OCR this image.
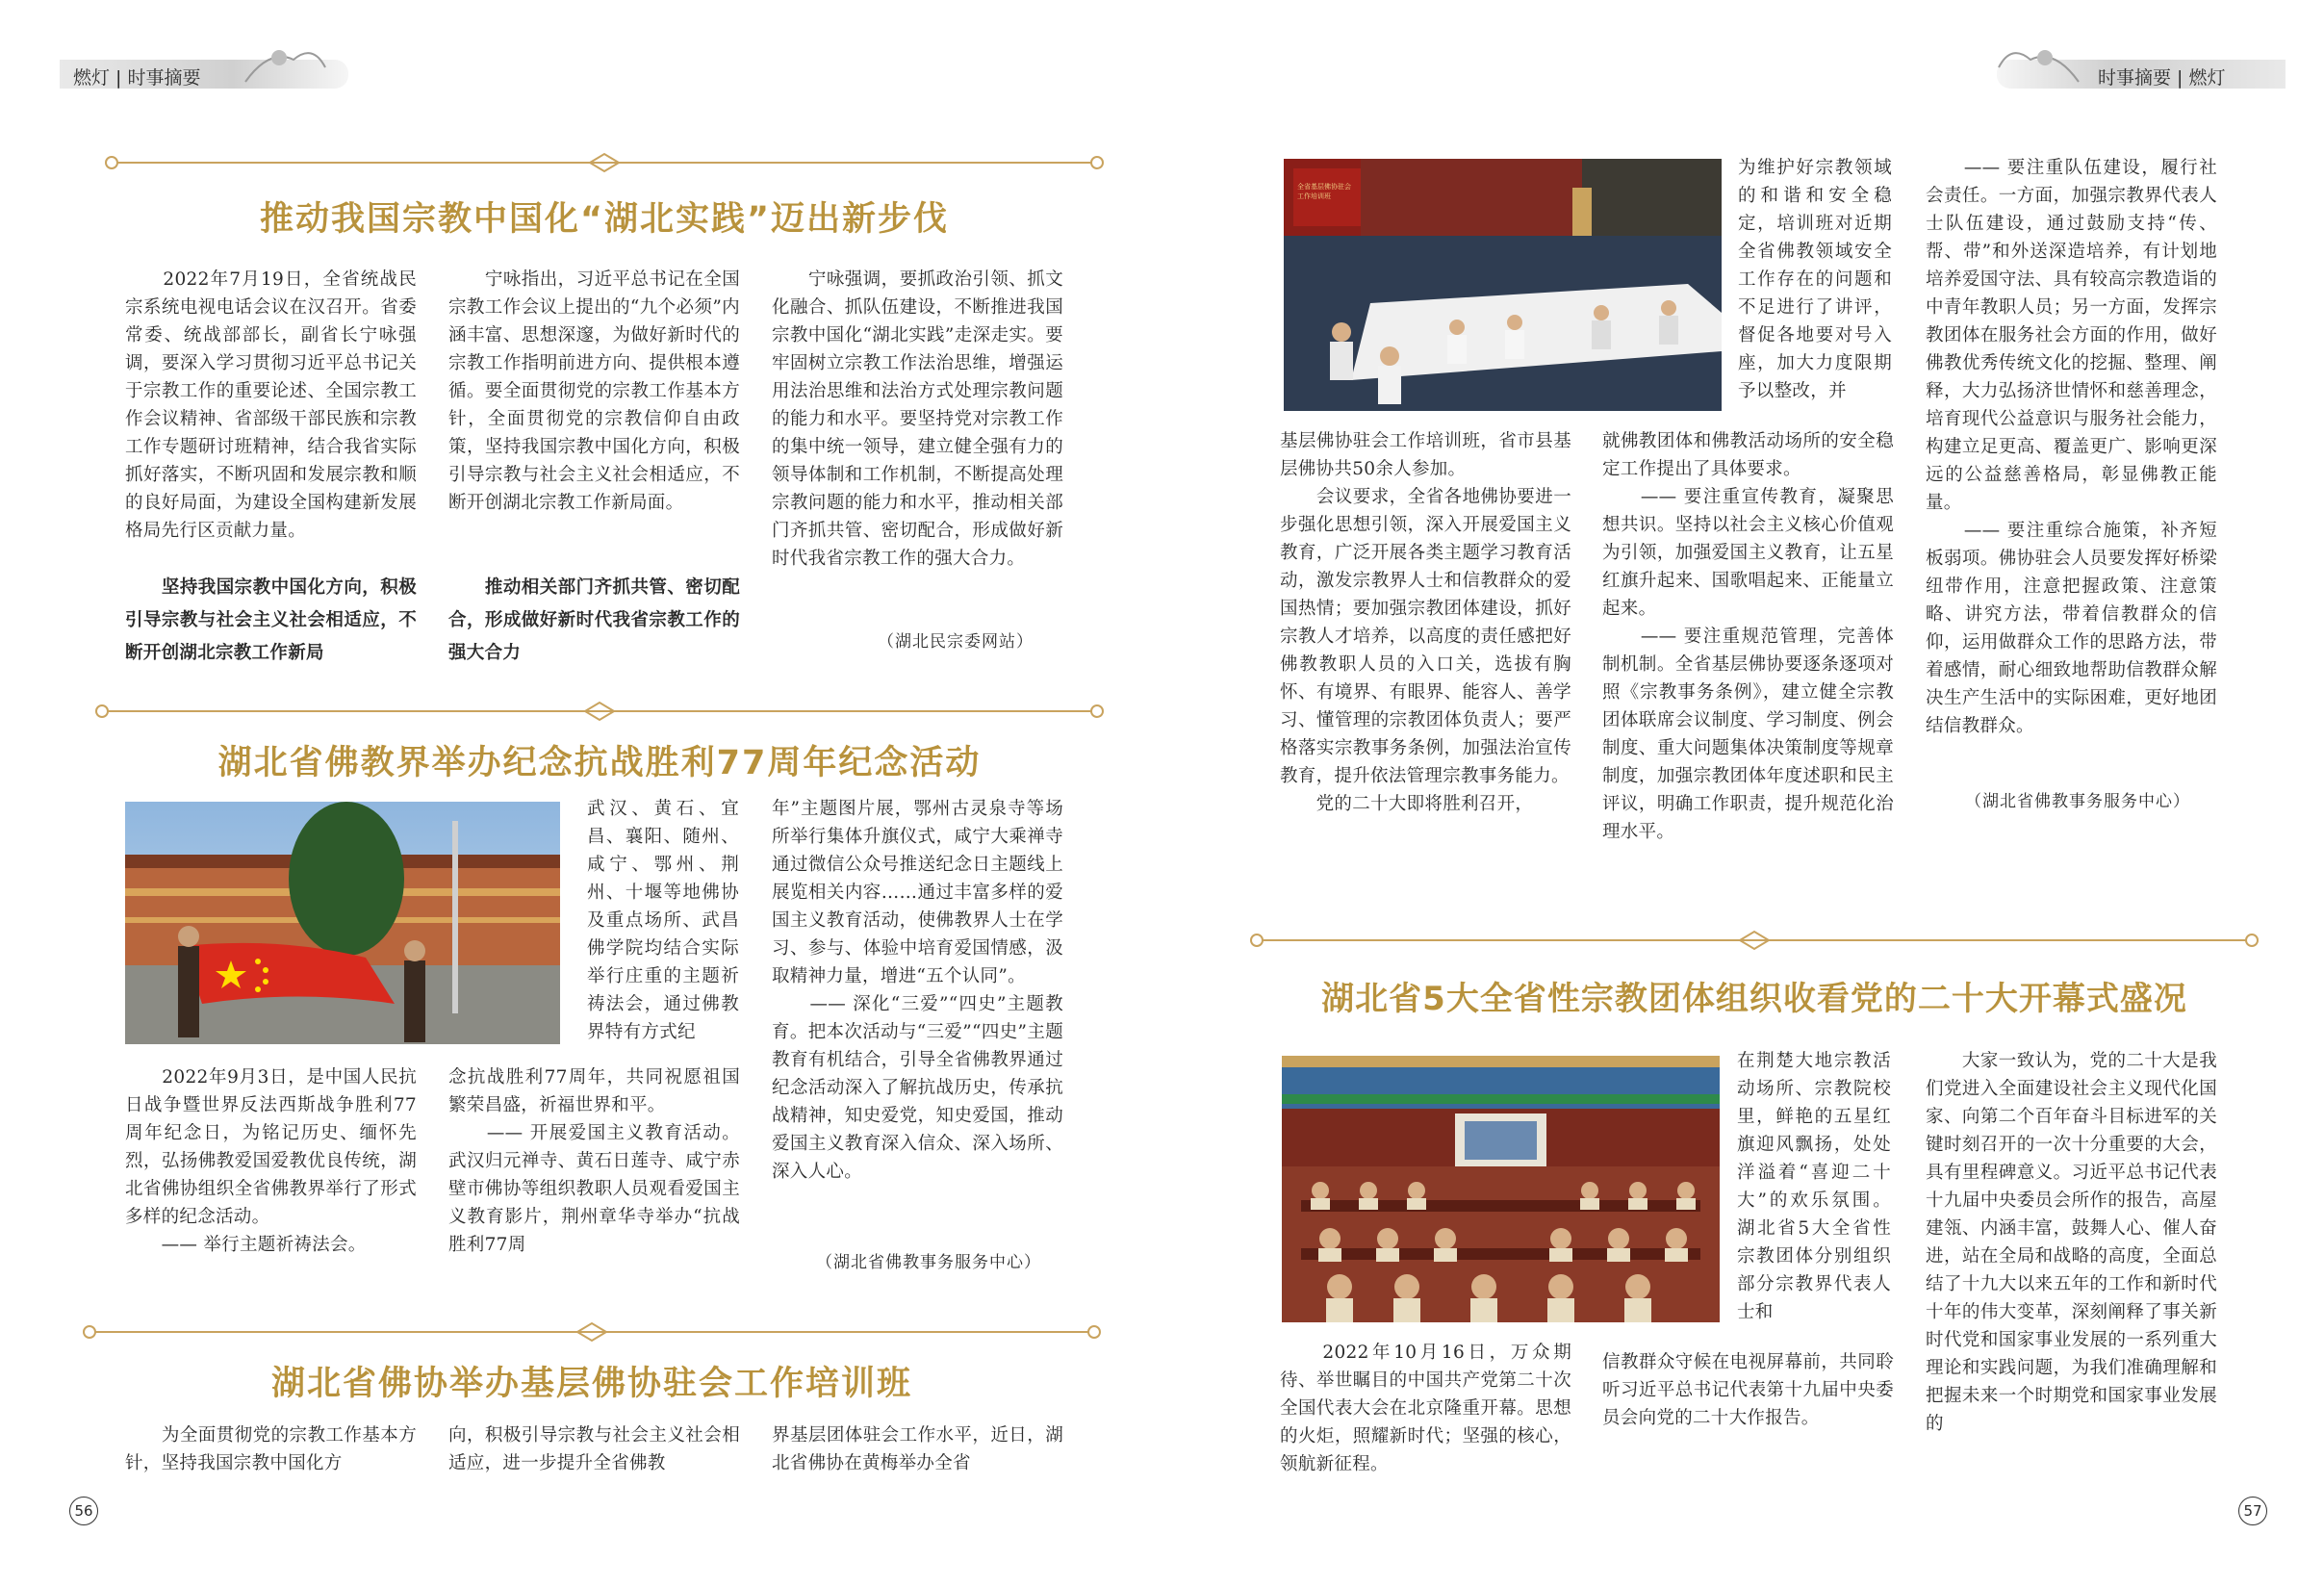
燃灯 | 时事摘要	时事摘要 | 燃灯
推动我国宗教中国化“湖北实践”迈出新步伐
　　2022年7月19日，全省统战民宗系统电视电话会议在汉召开。省委常委、统战部部长，副省长宁咏强调，要深入学习贯彻习近平总书记关于宗教工作的重要论述、全国宗教工作会议精神、省部级干部民族和宗教工作专题研讨班精神，结合我省实际抓好落实，不断巩固和发展宗教和顺的良好局面，为建设全国构建新发展格局先行区贡献力量。
　　坚持我国宗教中国化方向，积极引导宗教与社会主义社会相适应，不断开创湖北宗教工作新局
　　宁咏指出，习近平总书记在全国宗教工作会议上提出的“九个必须”内涵丰富、思想深邃，为做好新时代的宗教工作指明前进方向、提供根本遵循。要全面贯彻党的宗教工作基本方针，全面贯彻党的宗教信仰自由政策，坚持我国宗教中国化方向，积极引导宗教与社会主义社会相适应，不断开创湖北宗教工作新局面。
　　推动相关部门齐抓共管、密切配合，形成做好新时代我省宗教工作的强大合力
　　宁咏强调，要抓政治引领、抓文化融合、抓队伍建设，不断推进我国宗教中国化“湖北实践”走深走实。要牢固树立宗教工作法治思维，增强运用法治思维和法治方式处理宗教问题的能力和水平。要坚持党对宗教工作的集中统一领导，建立健全强有力的领导体制和工作机制，不断提高处理宗教问题的能力和水平，推动相关部门齐抓共管、密切配合，形成做好新时代我省宗教工作的强大合力。
（湖北民宗委网站）
湖北省佛教界举办纪念抗战胜利77周年纪念活动
武汉、黄石、宜昌、襄阳、随州、咸宁、鄂州、荆州、十堰等地佛协及重点场所、武昌佛学院均结合实际举行庄重的主题祈祷法会，通过佛教界特有方式纪
　　2022年9月3日，是中国人民抗日战争暨世界反法西斯战争胜利77周年纪念日，为铭记历史、缅怀先烈，弘扬佛教爱国爱教优良传统，湖北省佛协组织全省佛教界举行了形式多样的纪念活动。
　　—— 举行主题祈祷法会。
念抗战胜利77周年，共同祝愿祖国繁荣昌盛，祈福世界和平。
　　—— 开展爱国主义教育活动。武汉归元禅寺、黄石日莲寺、咸宁赤壁市佛协等组织教职人员观看爱国主义教育影片，荆州章华寺举办“抗战胜利77周
年”主题图片展，鄂州古灵泉寺等场所举行集体升旗仪式，咸宁大乘禅寺通过微信公众号推送纪念日主题线上展览相关内容……通过丰富多样的爱国主义教育活动，使佛教界人士在学习、参与、体验中培育爱国情感，汲取精神力量，增进“五个认同”。
　　—— 深化“三爱”“四史”主题教育。把本次活动与“三爱”“四史”主题教育有机结合，引导全省佛教界通过纪念活动深入了解抗战历史，传承抗战精神，知史爱党，知史爱国，推动爱国主义教育深入信众、深入场所、深入人心。
（湖北省佛教事务服务中心）
湖北省佛协举办基层佛协驻会工作培训班
　　为全面贯彻党的宗教工作基本方针，坚持我国宗教中国化方
向，积极引导宗教与社会主义社会相适应，进一步提升全省佛教
界基层团体驻会工作水平，近日，湖北省佛协在黄梅举办全省
全省基层佛协驻会工作培训班
基层佛协驻会工作培训班，省市县基层佛协共50余人参加。
　　会议要求，全省各地佛协要进一步强化思想引领，深入开展爱国主义教育，广泛开展各类主题学习教育活动，激发宗教界人士和信教群众的爱国热情；要加强宗教团体建设，抓好宗教人才培养，以高度的责任感把好佛教教职人员的入口关，选拔有胸怀、有境界、有眼界、能容人、善学习、懂管理的宗教团体负责人；要严格落实宗教事务条例，加强法治宣传教育，提升依法管理宗教事务能力。
　　党的二十大即将胜利召开，
为维护好宗教领域的和谐和安全稳定，培训班对近期全省佛教领域安全工作存在的问题和不足进行了讲评，督促各地要对号入座，加大力度限期予以整改，并
就佛教团体和佛教活动场所的安全稳定工作提出了具体要求。
　　—— 要注重宣传教育，凝聚思想共识。坚持以社会主义核心价值观为引领，加强爱国主义教育，让五星红旗升起来、国歌唱起来、正能量立起来。
　　—— 要注重规范管理，完善体制机制。全省基层佛协要逐条逐项对照《宗教事务条例》，建立健全宗教团体联席会议制度、学习制度、例会制度、重大问题集体决策制度等规章制度，加强宗教团体年度述职和民主评议，明确工作职责，提升规范化治理水平。
　　—— 要注重队伍建设，履行社会责任。一方面，加强宗教界代表人士队伍建设，通过鼓励支持“传、帮、带”和外送深造培养，有计划地培养爱国守法、具有较高宗教造诣的中青年教职人员；另一方面，发挥宗教团体在服务社会方面的作用，做好佛教优秀传统文化的挖掘、整理、阐释，大力弘扬济世情怀和慈善理念，培育现代公益意识与服务社会能力，构建立足更高、覆盖更广、影响更深远的公益慈善格局，彰显佛教正能量。
　　—— 要注重综合施策，补齐短板弱项。佛协驻会人员要发挥好桥梁纽带作用，注意把握政策、注意策略、讲究方法，带着信教群众的信仰，运用做群众工作的思路方法，带着感情，耐心细致地帮助信教群众解决生产生活中的实际困难，更好地团结信教群众。
（湖北省佛教事务服务中心）
湖北省5大全省性宗教团体组织收看党的二十大开幕式盛况
　　2022年10月16日，万众期待、举世瞩目的中国共产党第二十次全国代表大会在北京隆重开幕。思想的火炬，照耀新时代；坚强的核心，领航新征程。
在荆楚大地宗教活动场所、宗教院校里，鲜艳的五星红旗迎风飘扬，处处洋溢着“喜迎二十大”的欢乐氛围。湖北省5大全省性宗教团体分别组织部分宗教界代表人士和
信教群众守候在电视屏幕前，共同聆听习近平总书记代表第十九届中央委员会向党的二十大作报告。
　　大家一致认为，党的二十大是我们党进入全面建设社会主义现代化国家、向第二个百年奋斗目标进军的关键时刻召开的一次十分重要的大会，具有里程碑意义。习近平总书记代表十九届中央委员会所作的报告，高屋建瓴、内涵丰富，鼓舞人心、催人奋进，站在全局和战略的高度，全面总结了十九大以来五年的工作和新时代十年的伟大变革，深刻阐释了事关新时代党和国家事业发展的一系列重大理论和实践问题，为我们准确理解和把握未来一个时期党和国家事业发展的
56	57
